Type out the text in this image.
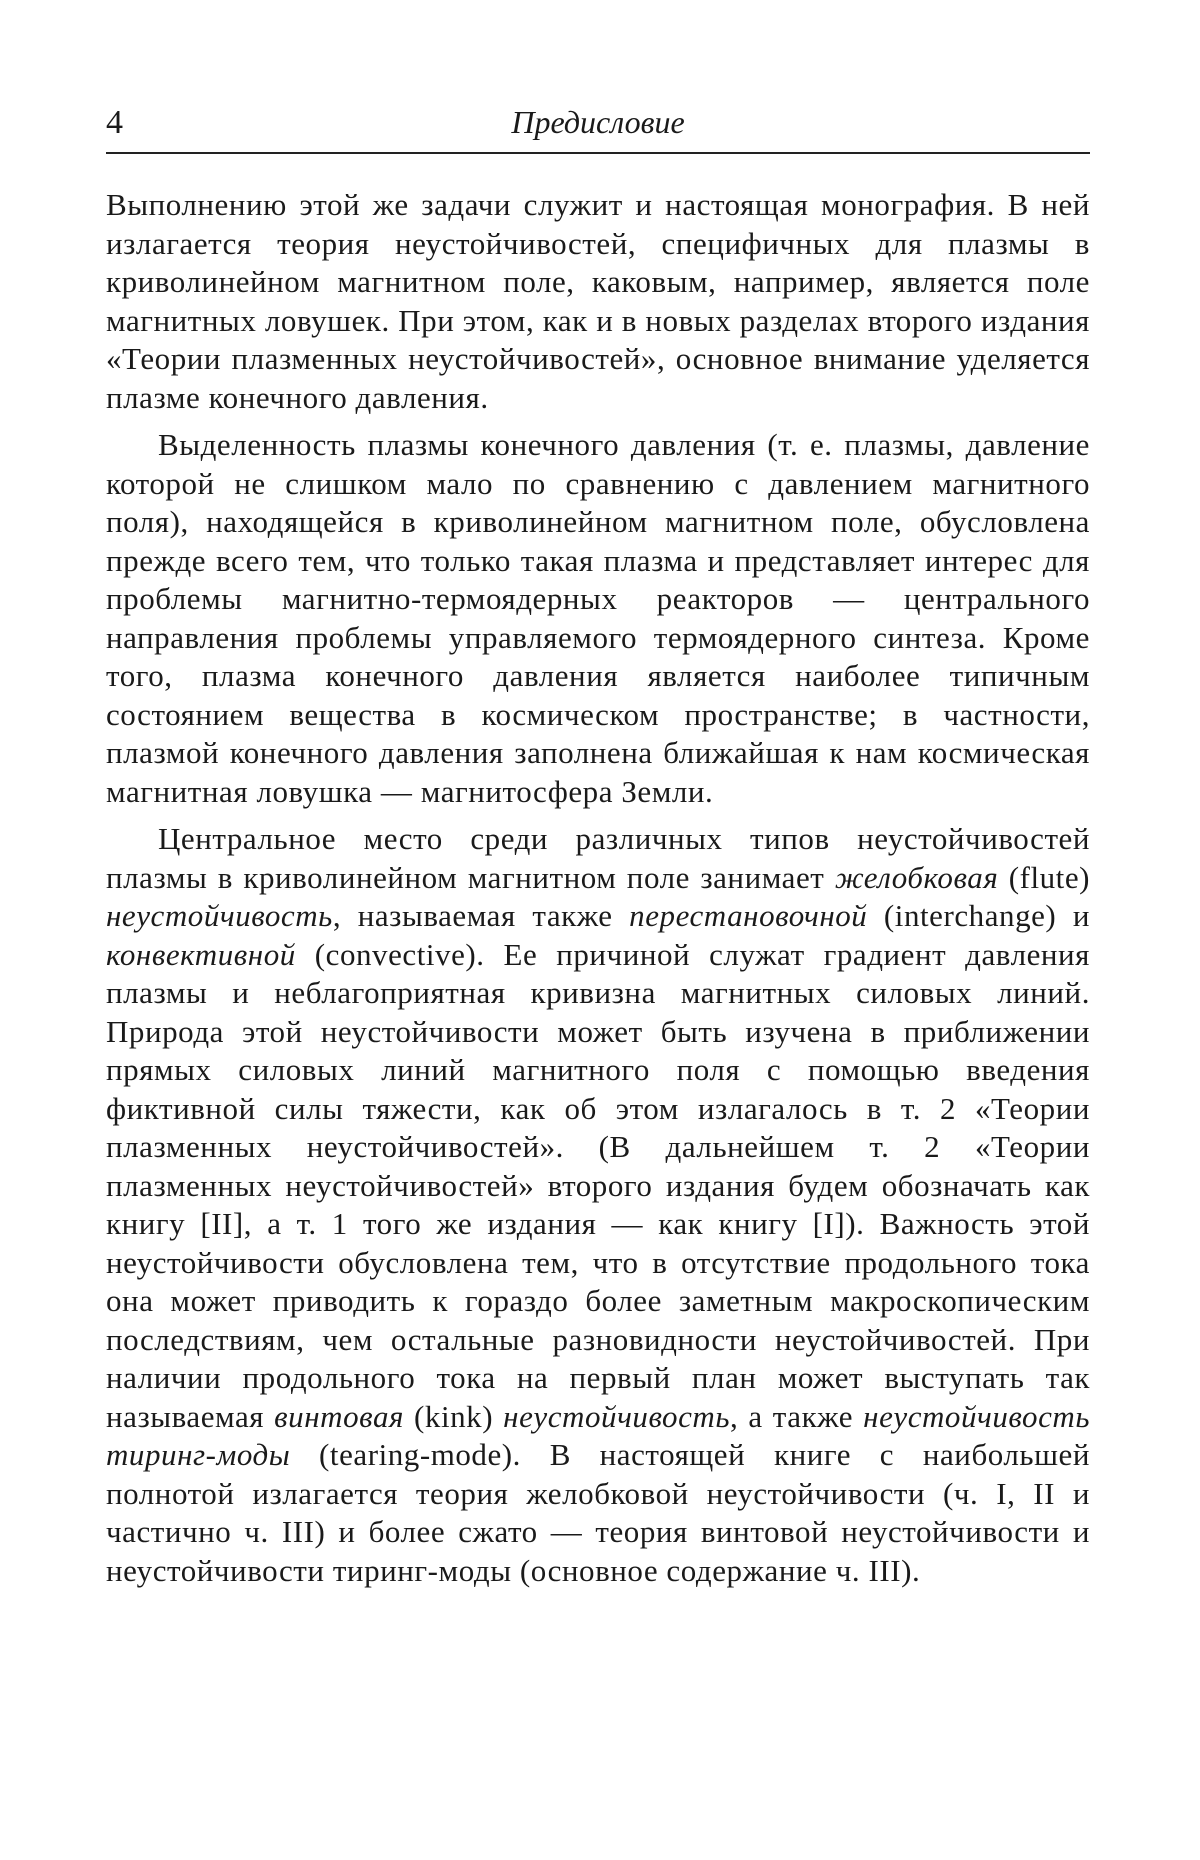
4	Предисловие

Выполнению этой же задачи служит и настоящая монография. В ней излагается теория неустойчивостей, специфичных для плазмы в криволинейном магнитном поле, каковым, например, является поле магнитных ловушек. При этом, как и в новых разделах второго издания «Теории плазменных неустойчивостей», основное внимание уделяется плазме конечного давления.

Выделенность плазмы конечного давления (т. е. плазмы, давление которой не слишком мало по сравнению с давлением магнитного поля), находящейся в криволинейном магнитном поле, обусловлена прежде всего тем, что только такая плазма и представляет интерес для проблемы магнитно-термоядерных реакторов — центрального направления проблемы управляемого термоядерного синтеза. Кроме того, плазма конечного давления является наиболее типичным состоянием вещества в космическом пространстве; в частности, плазмой конечного давления заполнена ближайшая к нам космическая магнитная ловушка — магнитосфера Земли.

Центральное место среди различных типов неустойчивостей плазмы в криволинейном магнитном поле занимает желобковая (flute) неустойчивость, называемая также перестановочной (interchange) и конвективной (convective). Ее причиной служат градиент давления плазмы и неблагоприятная кривизна магнитных силовых линий. Природа этой неустойчивости может быть изучена в приближении прямых силовых линий магнитного поля с помощью введения фиктивной силы тяжести, как об этом излагалось в т. 2 «Теории плазменных неустойчивостей». (В дальнейшем т. 2 «Теории плазменных неустойчивостей» второго издания будем обозначать как книгу [II], а т. 1 того же издания — как книгу [I]). Важность этой неустойчивости обусловлена тем, что в отсутствие продольного тока она может приводить к гораздо более заметным макроскопическим последствиям, чем остальные разновидности неустойчивостей. При наличии продольного тока на первый план может выступать так называемая винтовая (kink) неустойчивость, а также неустойчивость тиринг-моды (tearing-mode). В настоящей книге с наибольшей полнотой излагается теория желобковой неустойчивости (ч. I, II и частично ч. III) и более сжато — теория винтовой неустойчивости и неустойчивости тиринг-моды (основное содержание ч. III).
